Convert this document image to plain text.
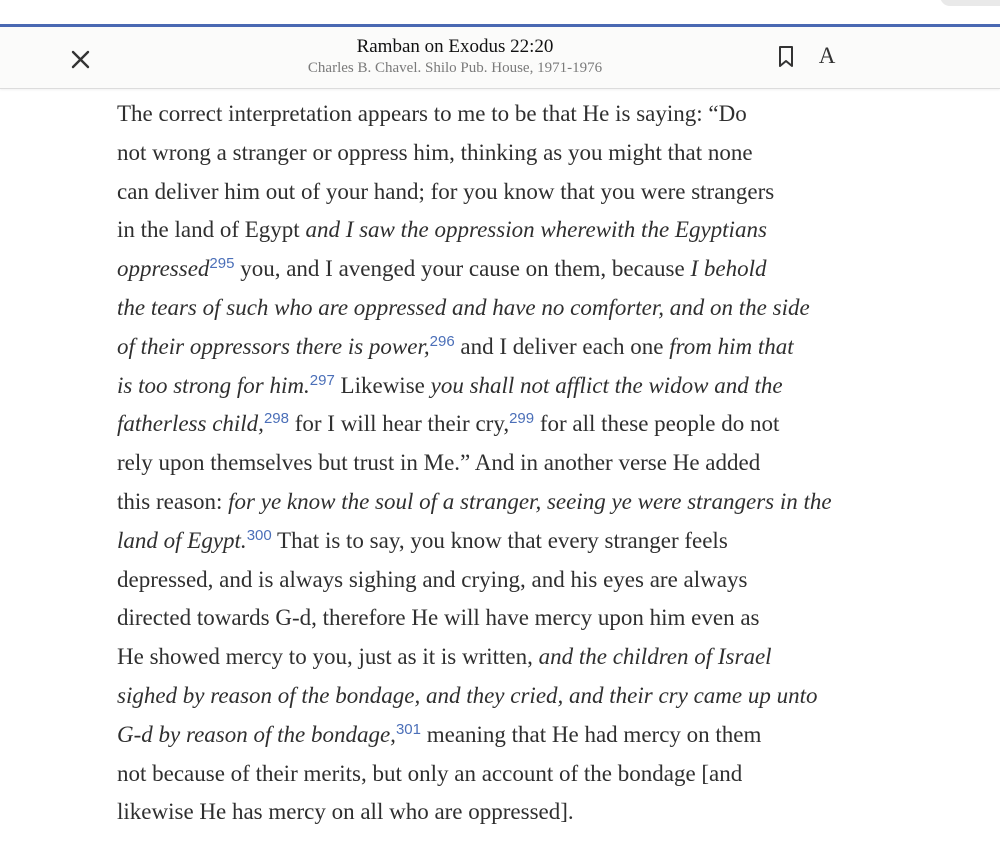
Ramban on Exodus 22:20
Charles B. Chavel. Shilo Pub. House, 1971-1976	A
The correct interpretation appears to me to be that He is saying: “Do
not wrong a stranger or oppress him, thinking as you might that none
can deliver him out of your hand; for you know that you were strangers
in the land of Egypt and I saw the oppression wherewith the Egyptians
oppressed$^{295}$ you, and I avenged your cause on them, because I behold
the tears of such who are oppressed and have no comforter, and on the side
of their oppressors there is power,$^{296}$ and I deliver each one from him that
is too strong for him.$^{297}$ Likewise you shall not afflict the widow and the
fatherless child,$^{298}$ for I will hear their cry,$^{299}$ for all these people do not
rely upon themselves but trust in Me.” And in another verse He added
this reason: for ye know the soul of a stranger, seeing ye were strangers in the
land of Egypt.$^{300}$ That is to say, you know that every stranger feels
depressed, and is always sighing and crying, and his eyes are always
directed towards G-d, therefore He will have mercy upon him even as
He showed mercy to you, just as it is written, and the children of Israel
sighed by reason of the bondage, and they cried, and their cry came up unto
G-d by reason of the bondage,$^{301}$ meaning that He had mercy on them
not because of their merits, but only an account of the bondage [and
likewise He has mercy on all who are oppressed].
